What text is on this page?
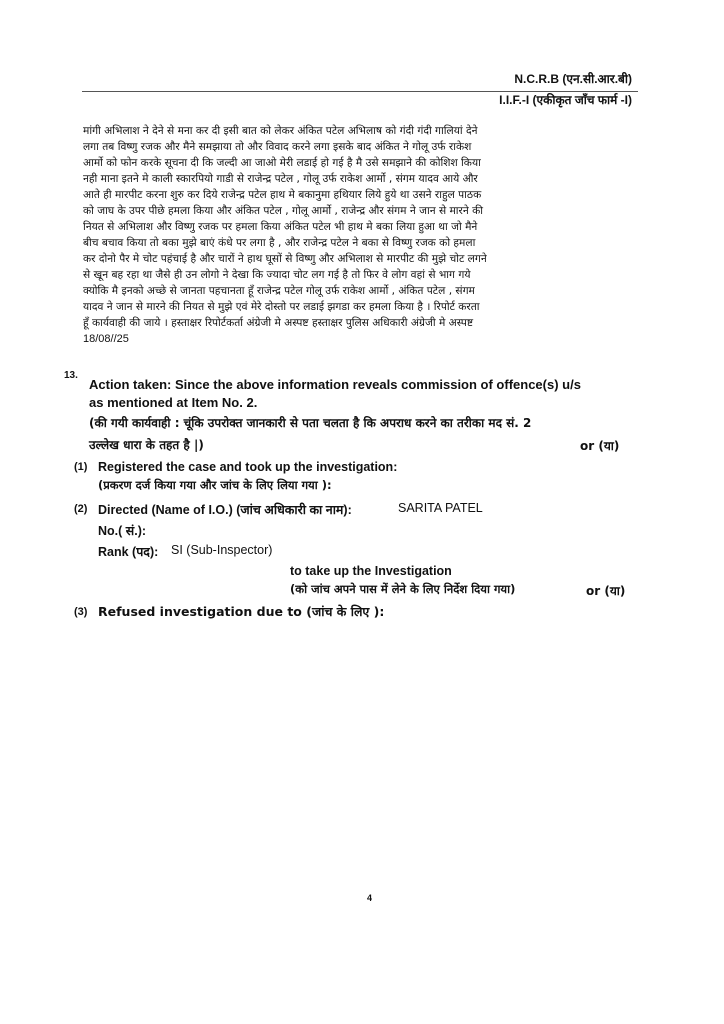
N.C.R.B (एन.सी.आर.बी)
I.I.F.-I (एकीकृत जाँच फार्म -I)
मांगी अभिलाश ने देने से मना कर दी इसी बात को लेकर अंकित पटेल अभिलाष को गंदी गंदी गालियां देने
लगा तब विष्णु रजक और मैने समझाया तो और विवाद करने लगा इसके बाद अंकित ने गोलू उर्फ राकेश
आर्मो को फोन करके सूचना दी कि जल्दी आ जाओ मेरी लडाई हो गई है मै उसे समझाने की कोशिश किया
नही माना इतने मे काली स्कारपियो गाडी से राजेन्द्र पटेल , गोलू उर्फ राकेश आर्मो , संगम यादव आये और
आते ही मारपीट करना शुरु कर दिये राजेन्द्र पटेल हाथ मे बकानुमा हथियार लिये हुये था उसने राहुल पाठक
को जाघ के उपर पीछे हमला किया और अंकित पटेल , गोलू आर्मो , राजेन्द्र और संगम ने जान से मारने की
नियत से अभिलाश और विष्णु रजक पर हमला किया अंकित पटेल भी हाथ मे बका लिया हुआ था जो मैने
बीच बचाव किया तो बका मुझे बाएं कंधे पर लगा है , और राजेन्द्र पटेल ने बका से विष्णु रजक को हमला
कर दोनो पैर मे चोट पहंचाई है और चारों ने हाथ घूसों से विष्णु और अभिलाश से मारपीट की मुझे चोट लगने
से खून बह रहा था जैसे ही उन लोगो ने देखा कि ज्यादा चोट लग गई है तो फिर वे लोग वहां से भाग गये
क्योकि मै इनको अच्छे से जानता पहचानता हूँ राजेन्द्र पटेल गोलू उर्फ राकेश आर्मो , अंकित पटेल , संगम
यादव ने जान से मारने की नियत से मुझे एवं मेरे दोस्तो पर लडाई झगडा कर हमला किया है । रिपोर्ट करता
हूँ कार्यवाही की जाये । हस्ताक्षर रिपोर्टकर्ता अंग्रेजी मे अस्पष्ट हस्ताक्षर पुलिस अधिकारी अंग्रेजी मे अस्पष्ट
18/08//25
13.
Action taken: Since the above information reveals commission of offence(s) u/s
as mentioned at Item No. 2.
(की गयी कार्यवाही : चूंकि उपरोक्त जानकारी से पता चलता है कि अपराध करने का तरीका मद सं. 2
उल्लेख धारा के तहत है |)	or (या)
(1) Registered the case and took up the investigation:
(प्रकरण दर्ज किया गया और जांच के लिए लिया गया ):
(2) Directed (Name of I.O.) (जांच अधिकारी का नाम):	SARITA PATEL
No.( सं.):
Rank (पद): SI (Sub-Inspector)
to take up the Investigation
(को जांच अपने पास में लेने के लिए निर्देश दिया गया)	or (या)
(3) Refused investigation due to (जांच के लिए ):
4
